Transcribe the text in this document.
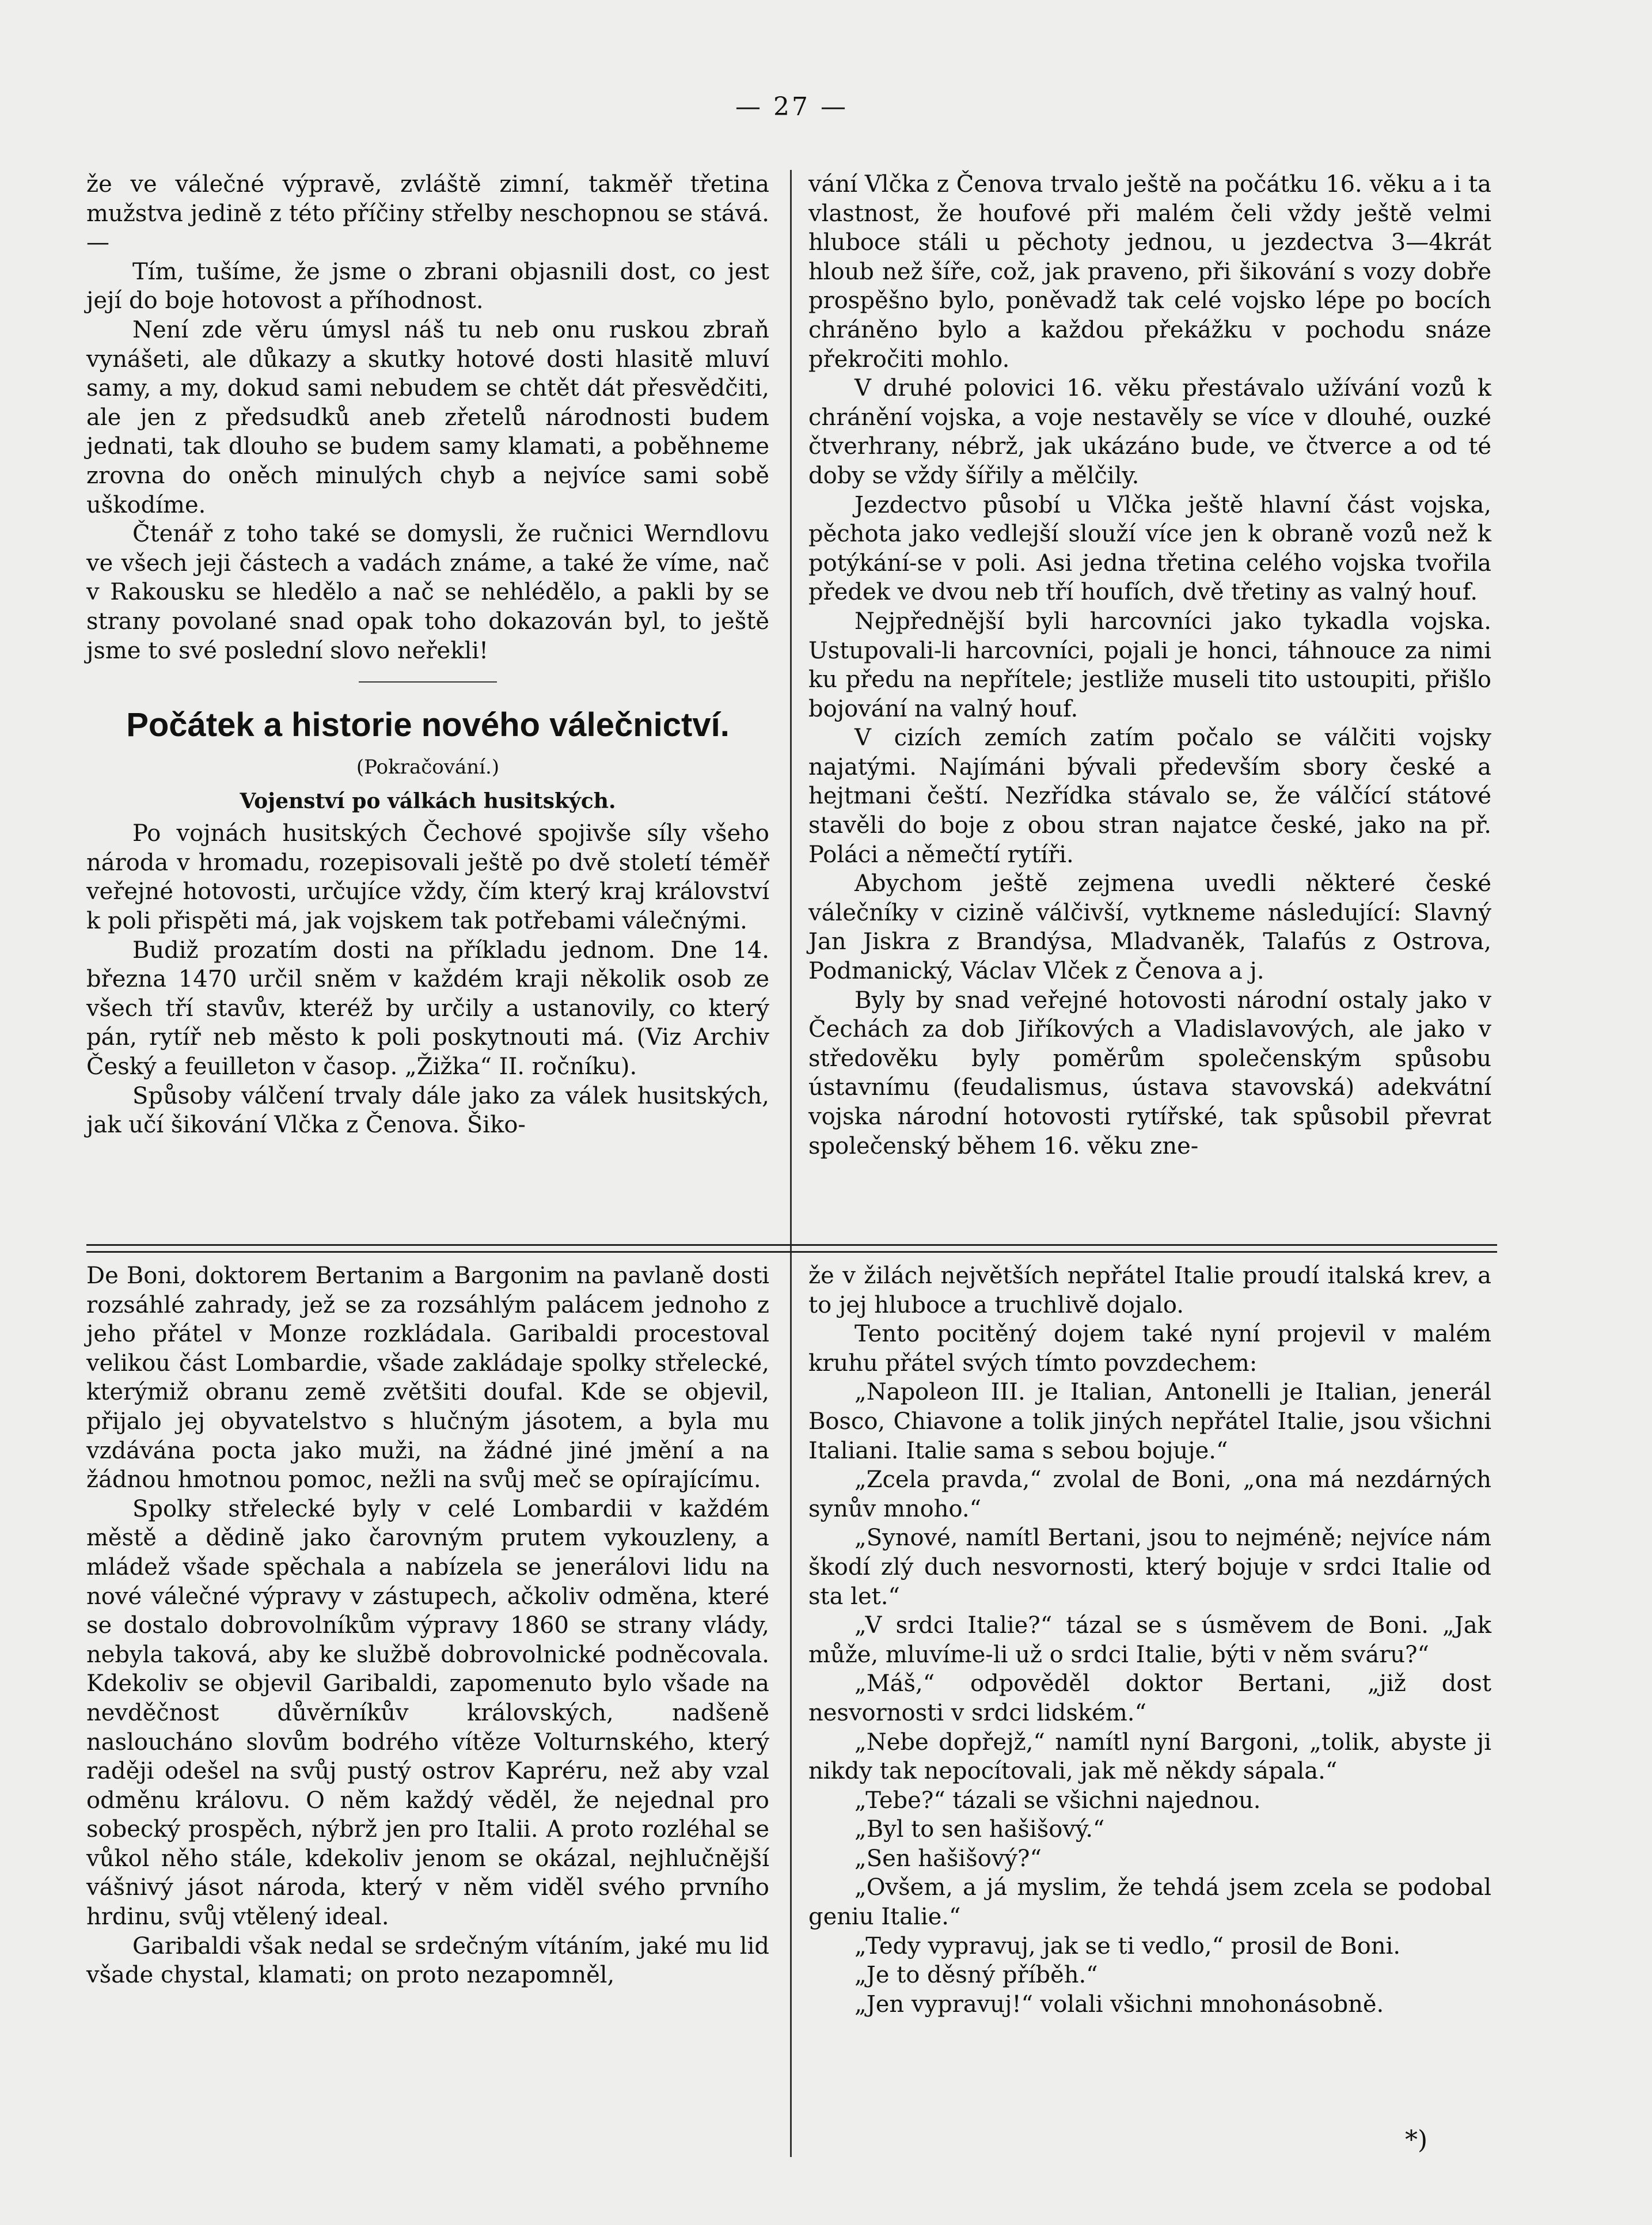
— 27 —

že ve válečné výpravě, zvláště zimní, takměř třetina mužstva jedině z této příčiny střelby neschopnou se stává. —

Tím, tušíme, že jsme o zbrani objasnili dost, co jest její do boje hotovost a příhodnost.

Není zde věru úmysl náš tu neb onu ruskou zbraň vynášeti, ale důkazy a skutky hotové dosti hlasitě mluví samy, a my, dokud sami nebudem se chtět dát přesvědčiti, ale jen z předsudků aneb zřetelů národnosti budem jednati, tak dlouho se budem samy klamati, a poběhneme zrovna do oněch minulých chyb a nejvíce sami sobě uškodíme.

Čtenář z toho také se domysli, že ručnici Werndlovu ve všech jeji částech a vadách známe, a také že víme, nač v Rakousku se hledělo a nač se nehlédělo, a pakli by se strany povolané snad opak toho dokazován byl, to ještě jsme to své poslední slovo neřekli!

Počátek a historie nového válečnictví.
(Pokračování.)
Vojenství po válkách husitských.

Po vojnách husitských Čechové spojivše síly všeho národa v hromadu, rozepisovali ještě po dvě století téměř veřejné hotovosti, určujíce vždy, čím který kraj království k poli přispěti má, jak vojskem tak potřebami válečnými.

Budiž prozatím dosti na příkladu jednom. Dne 14. března 1470 určil sněm v každém kraji několik osob ze všech tří stavův, kteréž by určily a ustanovily, co který pán, rytíř neb město k poli poskytnouti má. (Viz Archiv Český a feuilleton v časop. „Žižka“ II. ročníku).

Spůsoby válčení trvaly dále jako za válek husitských, jak učí šikování Vlčka z Čenova. Šiko-

vání Vlčka z Čenova trvalo ještě na počátku 16. věku a i ta vlastnost, že houfové při malém čeli vždy ještě velmi hluboce stáli u pěchoty jednou, u jezdectva 3—4krát hloub než šíře, což, jak praveno, při šikování s vozy dobře prospěšno bylo, poněvadž tak celé vojsko lépe po bocích chráněno bylo a každou překážku v pochodu snáze překročiti mohlo.

V druhé polovici 16. věku přestávalo užívání vozů k chránění vojska, a voje nestavěly se více v dlouhé, ouzké čtverhrany, nébrž, jak ukázáno bude, ve čtverce a od té doby se vždy šířily a mělčily.

Jezdectvo působí u Vlčka ještě hlavní část vojska, pěchota jako vedlejší slouží více jen k obraně vozů než k potýkání-se v poli. Asi jedna třetina celého vojska tvořila předek ve dvou neb tří houfích, dvě třetiny as valný houf.

Nejpřednější byli harcovníci jako tykadla vojska. Ustupovali-li harcovníci, pojali je honci, táhnouce za nimi ku předu na nepřítele; jestliže museli tito ustoupiti, přišlo bojování na valný houf.

V cizích zemích zatím počalo se válčiti vojsky najatými. Najímáni bývali především sbory české a hejtmani čeští. Nezřídka stávalo se, že válčící státové stavěli do boje z obou stran najatce české, jako na př. Poláci a němečtí rytíři.

Abychom ještě zejmena uvedli některé české válečníky v cizině válčivší, vytkneme následující: Slavný Jan Jiskra z Brandýsa, Mladvaněk, Talafús z Ostrova, Podmanický, Václav Vlček z Čenova a j.

Byly by snad veřejné hotovosti národní ostaly jako v Čechách za dob Jiříkových a Vladislavových, ale jako v středověku byly poměrům společenským spůsobu ústavnímu (feudalismus, ústava stavovská) adekvátní vojska národní hotovosti rytířské, tak spůsobil převrat společenský během 16. věku zne-

De Boni, doktorem Bertanim a Bargonim na pavlaně dosti rozsáhlé zahrady, jež se za rozsáhlým palácem jednoho z jeho přátel v Monze rozkládala. Garibaldi procestoval velikou část Lombardie, všade zakládaje spolky střelecké, kterýmiž obranu země zvětšiti doufal. Kde se objevil, přijalo jej obyvatelstvo s hlučným jásotem, a byla mu vzdávána pocta jako muži, na žádné jiné jmění a na žádnou hmotnou pomoc, nežli na svůj meč se opírajícímu.

Spolky střelecké byly v celé Lombardii v každém městě a dědině jako čarovným prutem vykouzleny, a mládež všade spěchala a nabízela se jenerálovi lidu na nové válečné výpravy v zástupech, ačkoliv odměna, které se dostalo dobrovolníkům výpravy 1860 se strany vlády, nebyla taková, aby ke službě dobrovolnické podněcovala. Kdekoliv se objevil Garibaldi, zapomenuto bylo všade na nevděčnost důvěrníkův královských, nadšeně nasloucháno slovům bodrého vítěze Volturnského, který raději odešel na svůj pustý ostrov Kapréru, než aby vzal odměnu královu. O něm každý věděl, že nejednal pro sobecký prospěch, nýbrž jen pro Italii. A proto rozléhal se vůkol něho stále, kdekoliv jenom se okázal, nejhlučnější vášnivý jásot národa, který v něm viděl svého prvního hrdinu, svůj vtělený ideal.

Garibaldi však nedal se srdečným vítáním, jaké mu lid všade chystal, klamati; on proto nezapomněl,

že v žilách největších nepřátel Italie proudí italská krev, a to jej hluboce a truchlivě dojalo.

Tento pocitěný dojem také nyní projevil v malém kruhu přátel svých tímto povzdechem:

„Napoleon III. je Italian, Antonelli je Italian, jenerál Bosco, Chiavone a tolik jiných nepřátel Italie, jsou všichni Italiani. Italie sama s sebou bojuje.“

„Zcela pravda,“ zvolal de Boni, „ona má nezdárných synův mnoho.“

„Synové, namítl Bertani, jsou to nejméně; nejvíce nám škodí zlý duch nesvornosti, který bojuje v srdci Italie od sta let.“

„V srdci Italie?“ tázal se s úsměvem de Boni. „Jak může, mluvíme-li už o srdci Italie, býti v něm sváru?“

„Máš,“ odpověděl doktor Bertani, „již dost nesvornosti v srdci lidském.“

„Nebe dopřejž,“ namítl nyní Bargoni, „tolik, abyste ji nikdy tak nepocítovali, jak mě někdy sápala.“

„Tebe?“ tázali se všichni najednou.

„Byl to sen hašišový.“

„Sen hašišový?“

„Ovšem, a já myslim, že tehdá jsem zcela se podobal geniu Italie.“

„Tedy vypravuj, jak se ti vedlo,“ prosil de Boni.

„Je to děsný příběh.“

„Jen vypravuj!“ volali všichni mnohonásobně.

*)
